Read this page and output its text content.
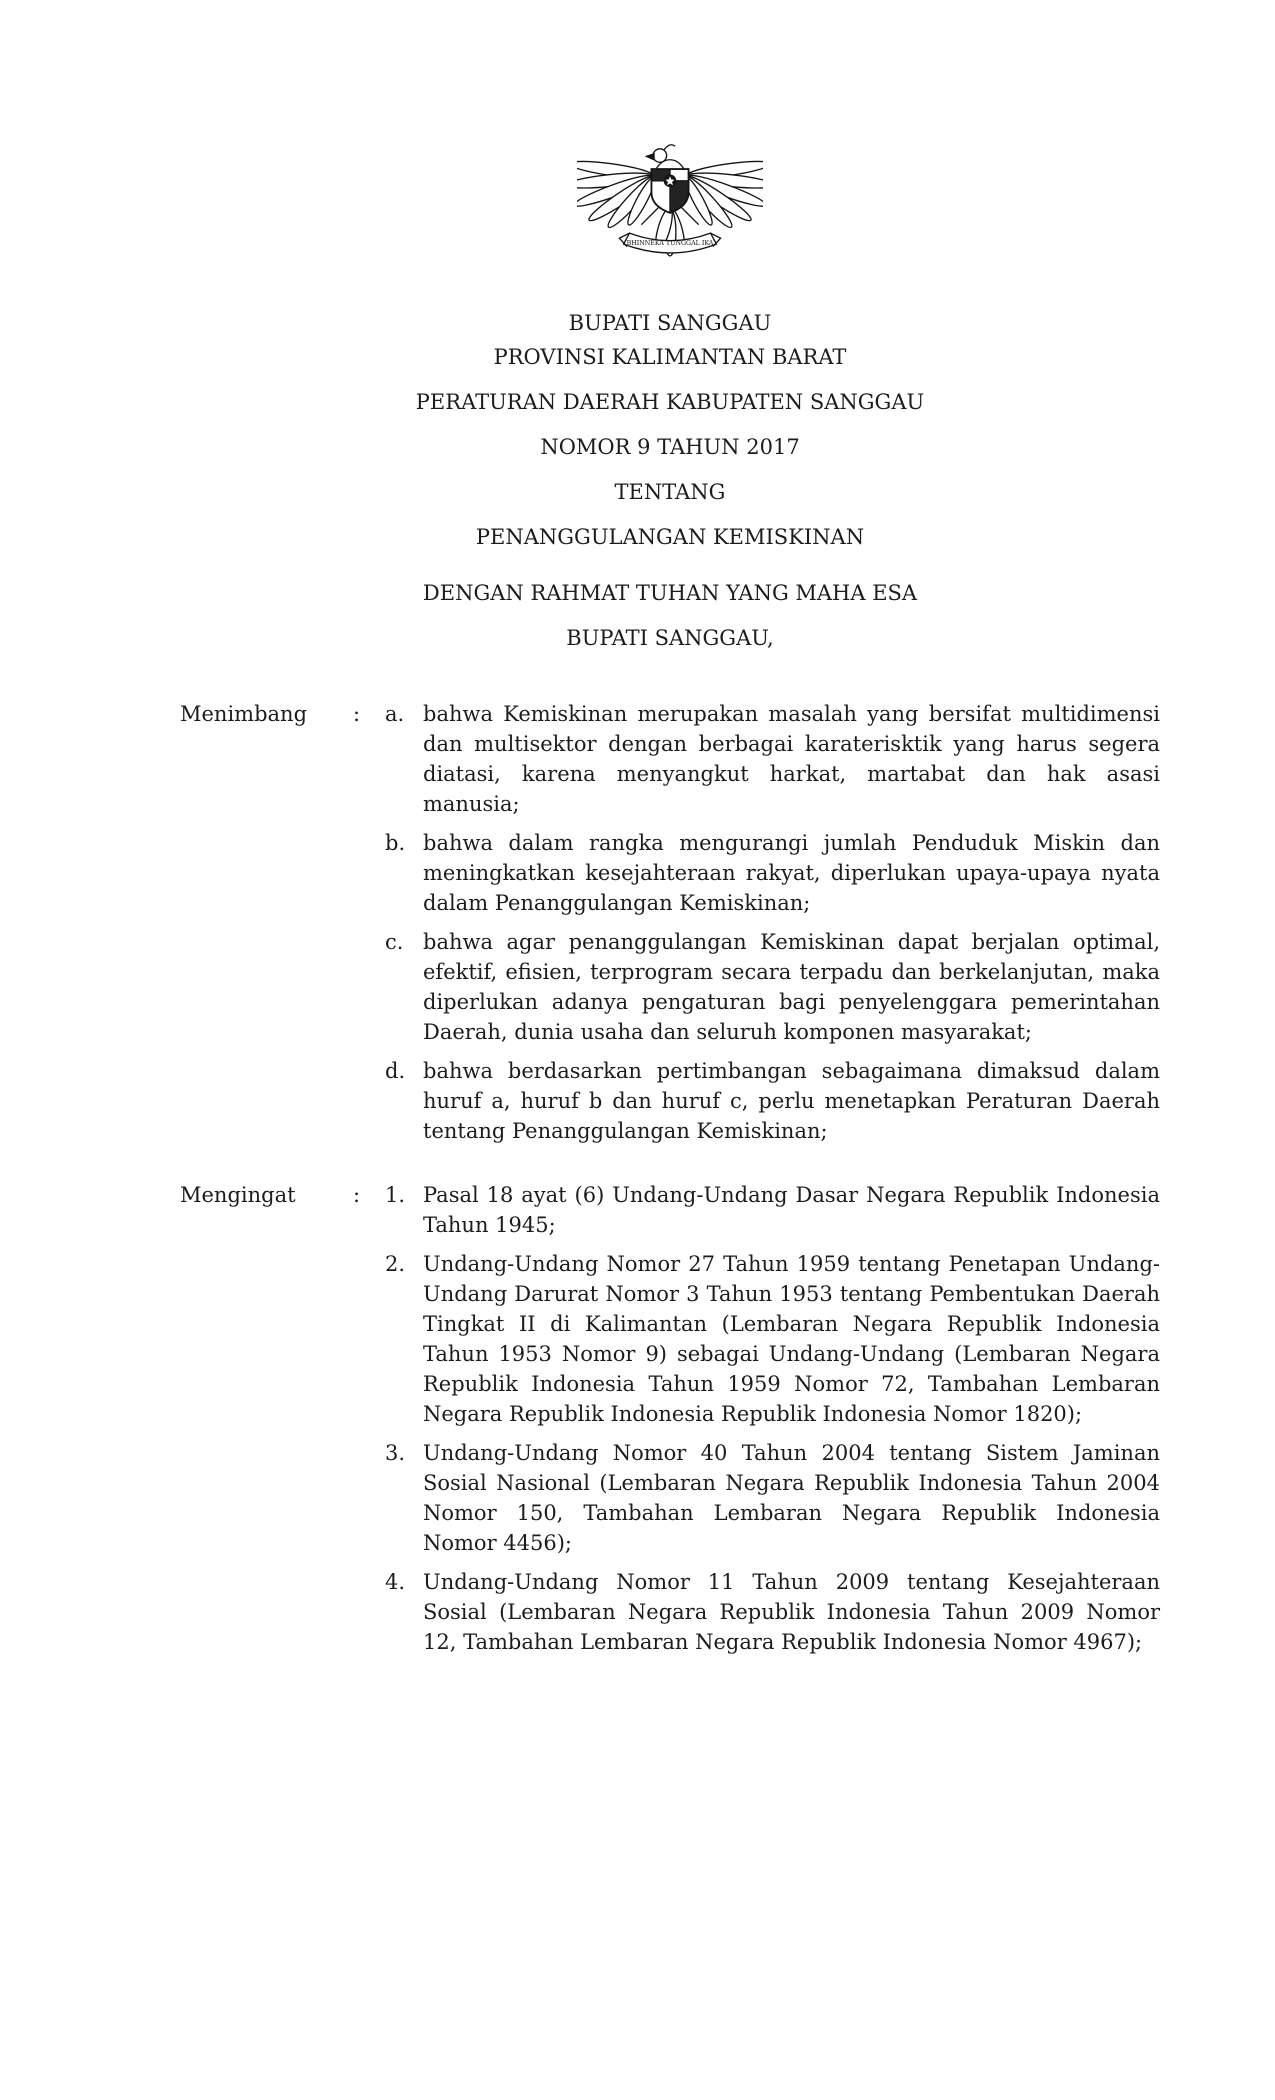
BHINNEKA TUNGGAL IKA
BUPATI SANGGAU
PROVINSI KALIMANTAN BARAT
PERATURAN DAERAH KABUPATEN SANGGAU
NOMOR 9 TAHUN 2017
TENTANG
PENANGGULANGAN KEMISKINAN
DENGAN RAHMAT TUHAN YANG MAHA ESA
BUPATI SANGGAU,
Menimbang	:	a. bahwa Kemiskinan merupakan masalah yang bersifat multidimensi dan multisektor dengan berbagai karaterisktik yang harus segera diatasi, karena menyangkut harkat, martabat dan hak asasi manusia;

b. bahwa dalam rangka mengurangi jumlah Penduduk Miskin dan meningkatkan kesejahteraan rakyat, diperlukan upaya-upaya nyata dalam Penanggulangan Kemiskinan;

c. bahwa agar penanggulangan Kemiskinan dapat berjalan optimal, efektif, efisien, terprogram secara terpadu dan berkelanjutan, maka diperlukan adanya pengaturan bagi penyelenggara pemerintahan Daerah, dunia usaha dan seluruh komponen masyarakat;

d. bahwa berdasarkan pertimbangan sebagaimana dimaksud dalam huruf a, huruf b dan huruf c, perlu menetapkan Peraturan Daerah tentang Penanggulangan Kemiskinan;

Mengingat	:	1. Pasal 18 ayat (6) Undang-Undang Dasar Negara Republik Indonesia Tahun 1945;

2. Undang-Undang Nomor 27 Tahun 1959 tentang Penetapan Undang-Undang Darurat Nomor 3 Tahun 1953 tentang Pembentukan Daerah Tingkat II di Kalimantan (Lembaran Negara Republik Indonesia Tahun 1953 Nomor 9) sebagai Undang-Undang (Lembaran Negara Republik Indonesia Tahun 1959 Nomor 72, Tambahan Lembaran Negara Republik Indonesia Republik Indonesia Nomor 1820);

3. Undang-Undang Nomor 40 Tahun 2004 tentang Sistem Jaminan Sosial Nasional (Lembaran Negara Republik Indonesia Tahun 2004 Nomor 150, Tambahan Lembaran Negara Republik Indonesia Nomor 4456);

4. Undang-Undang Nomor 11 Tahun 2009 tentang Kesejahteraan Sosial (Lembaran Negara Republik Indonesia Tahun 2009 Nomor 12, Tambahan Lembaran Negara Republik Indonesia Nomor 4967);
